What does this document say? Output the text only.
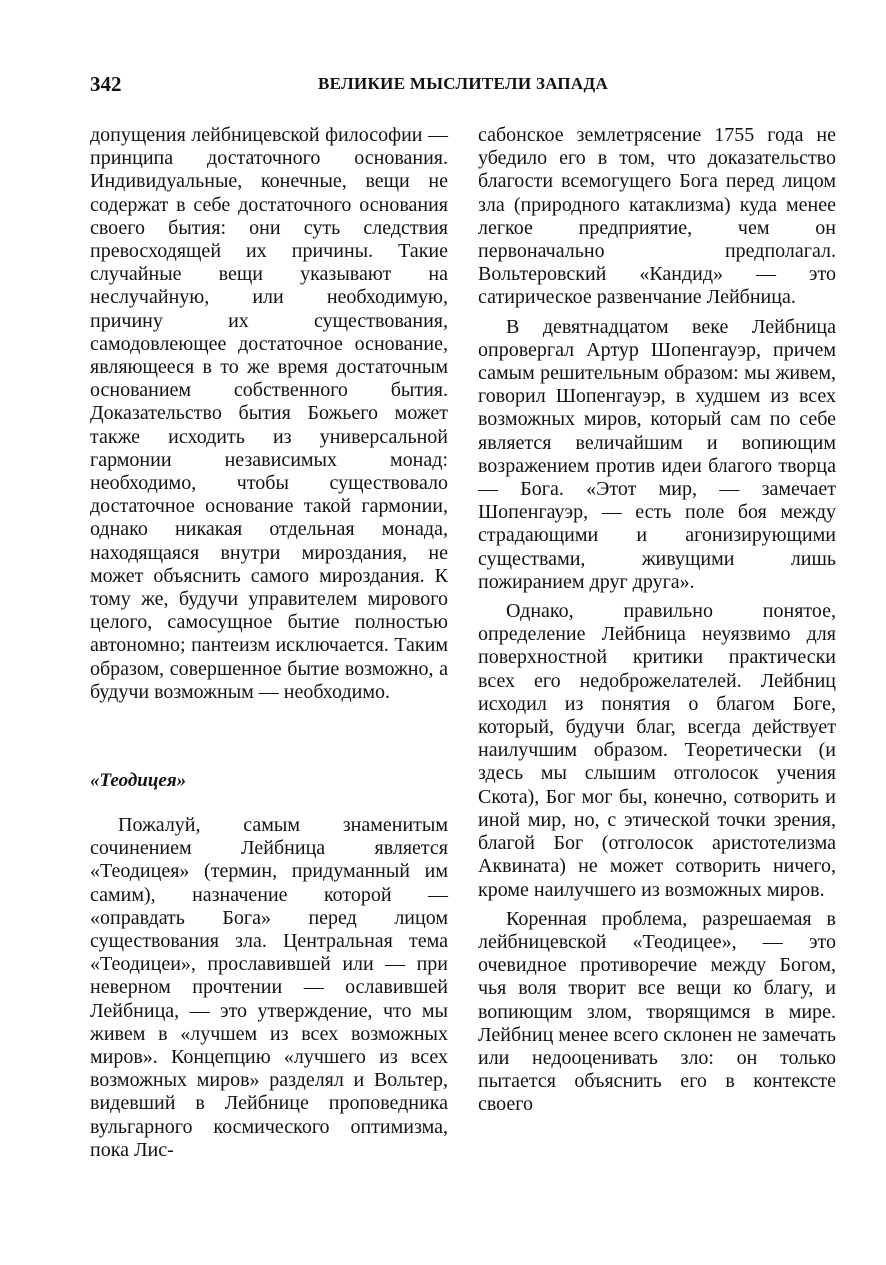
342	ВЕЛИКИЕ МЫСЛИТЕЛИ ЗАПАДА

допущения лейбницевской философии — принципа достаточного основания. Индивидуальные, конечные, вещи не содержат в себе достаточного основания своего бытия: они суть следствия превосходящей их причины. Такие случайные вещи указывают на неслучайную, или необходимую, причину их существования, самодовлеющее достаточное основание, являющееся в то же время достаточным основанием собственного бытия. Доказательство бытия Божьего может также исходить из универсальной гармонии независимых монад: необходимо, чтобы существовало достаточное основание такой гармонии, однако никакая отдельная монада, находящаяся внутри мироздания, не может объяснить самого мироздания. К тому же, будучи управителем мирового целого, самосущное бытие полностью автономно; пантеизм исключается. Таким образом, совершенное бытие возможно, а будучи возможным — необходимо.

«Теодицея»

Пожалуй, самым знаменитым сочинением Лейбница является «Теодицея» (термин, придуманный им самим), назначение которой — «оправдать Бога» перед лицом существования зла. Центральная тема «Теодицеи», прославившей или — при неверном прочтении — ославившей Лейбница, — это утверждение, что мы живем в «лучшем из всех возможных миров». Концепцию «лучшего из всех возможных миров» разделял и Вольтер, видевший в Лейбнице проповедника вульгарного космического оптимизма, пока Лис-

сабонское землетрясение 1755 года не убедило его в том, что доказательство благости всемогущего Бога перед лицом зла (природного катаклизма) куда менее легкое предприятие, чем он первоначально предполагал. Вольтеровский «Кандид» — это сатирическое развенчание Лейбница.

В девятнадцатом веке Лейбница опровергал Артур Шопенгауэр, причем самым решительным образом: мы живем, говорил Шопенгауэр, в худшем из всех возможных миров, который сам по себе является величайшим и вопиющим возражением против идеи благого творца — Бога. «Этот мир, — замечает Шопенгауэр, — есть поле боя между страдающими и агонизирующими существами, живущими лишь пожиранием друг друга».

Однако, правильно понятое, определение Лейбница неуязвимо для поверхностной критики практически всех его недоброжелателей. Лейбниц исходил из понятия о благом Боге, который, будучи благ, всегда действует наилучшим образом. Теоретически (и здесь мы слышим отголосок учения Скота), Бог мог бы, конечно, сотворить и иной мир, но, с этической точки зрения, благой Бог (отголосок аристотелизма Аквината) не может сотворить ничего, кроме наилучшего из возможных миров.

Коренная проблема, разрешаемая в лейбницевской «Теодицее», — это очевидное противоречие между Богом, чья воля творит все вещи ко благу, и вопиющим злом, творящимся в мире. Лейбниц менее всего склонен не замечать или недооценивать зло: он только пытается объяснить его в контексте своего
